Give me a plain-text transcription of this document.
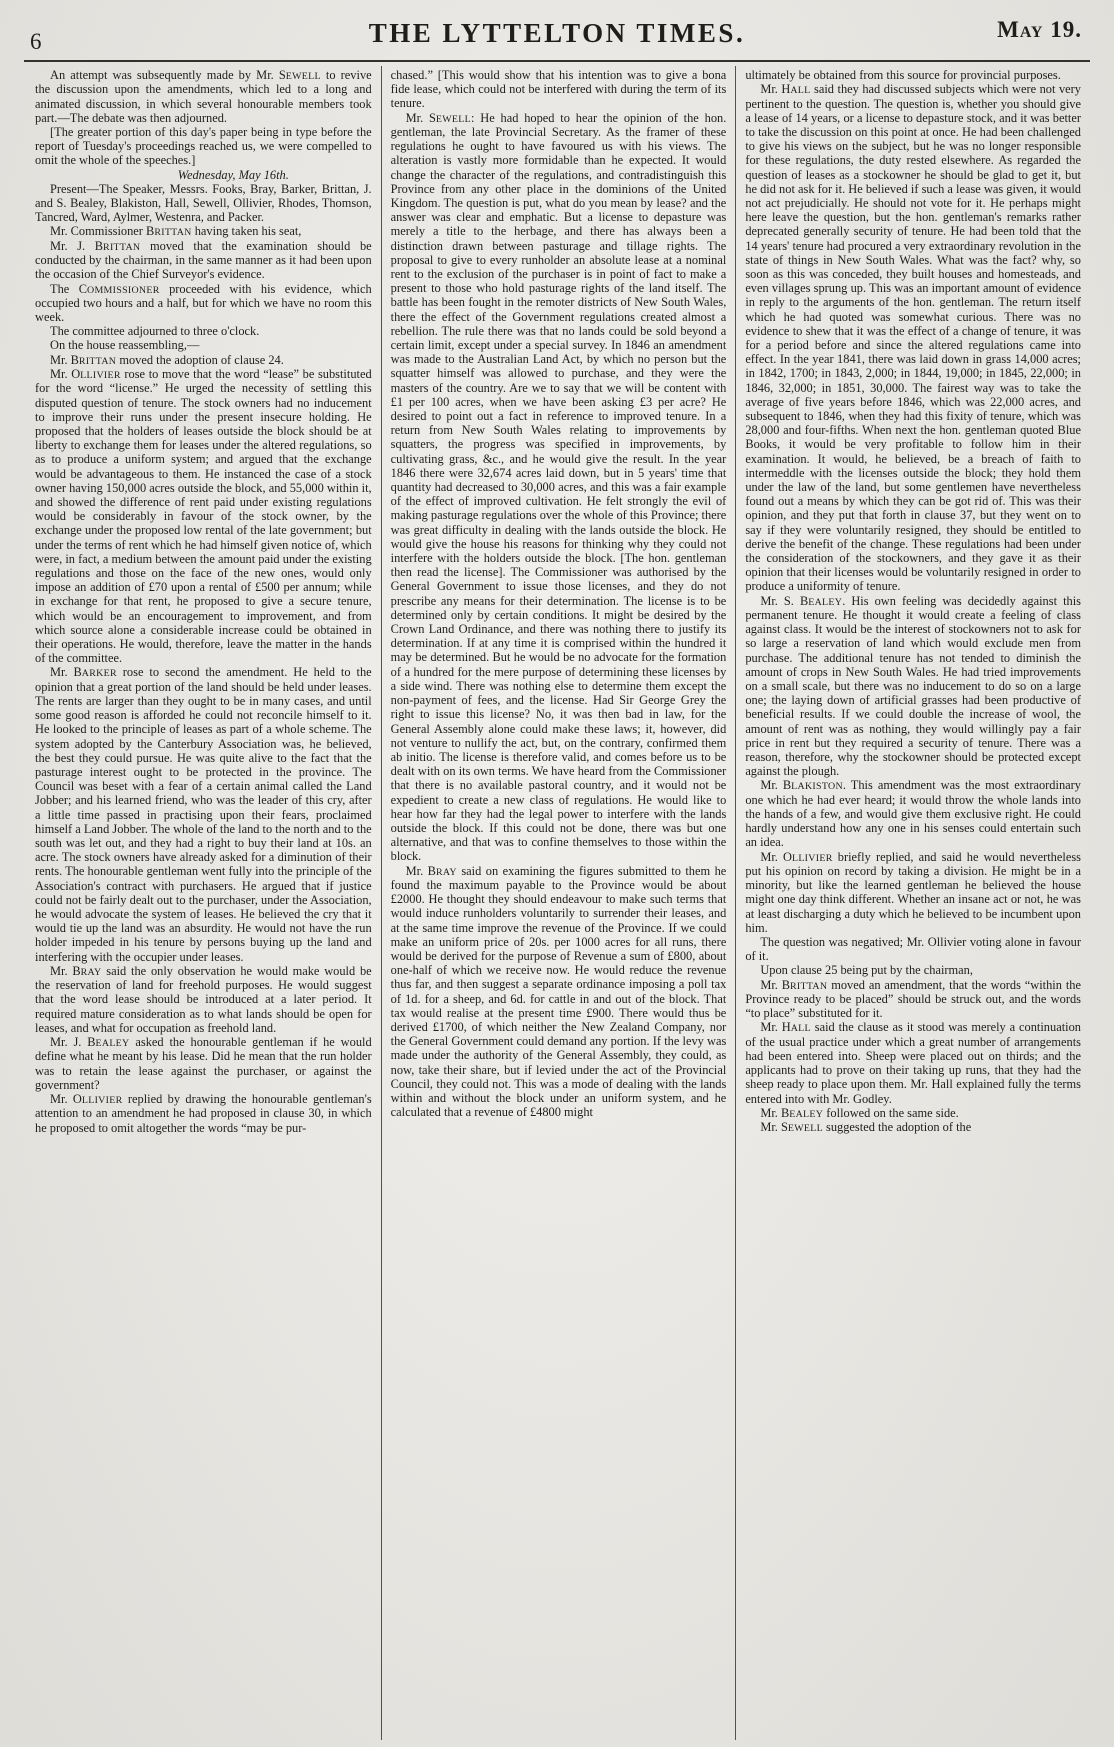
6	THE LYTTELTON TIMES.	May 19.

An attempt was subsequently made by Mr. SEWELL to revive the discussion upon the amendments, which led to a long and animated discussion, in which several honourable members took part.—The debate was then adjourned.

[The greater portion of this day's paper being in type before the report of Tuesday's proceedings reached us, we were compelled to omit the whole of the speeches.]

Wednesday, May 16th.

Present—The Speaker, Messrs. Fooks, Bray, Barker, Brittan, J. and S. Bealey, Blakiston, Hall, Sewell, Ollivier, Rhodes, Thomson, Tancred, Ward, Aylmer, Westenra, and Packer.

Mr. Commissioner BRITTAN having taken his seat,

Mr. J. BRITTAN moved that the examination should be conducted by the chairman, in the same manner as it had been upon the occasion of the Chief Surveyor's evidence.

The COMMISSIONER proceeded with his evidence, which occupied two hours and a half, but for which we have no room this week.

The committee adjourned to three o'clock.

On the house reassembling,—

Mr. BRITTAN moved the adoption of clause 24.

Mr. OLLIVIER rose to move that the word “lease” be substituted for the word “license.” He urged the necessity of settling this disputed question of tenure. The stock owners had no inducement to improve their runs under the present insecure holding. He proposed that the holders of leases outside the block should be at liberty to exchange them for leases under the altered regulations, so as to produce a uniform system; and argued that the exchange would be advantageous to them. He instanced the case of a stock owner having 150,000 acres outside the block, and 55,000 within it, and showed the difference of rent paid under existing regulations would be considerably in favour of the stock owner, by the exchange under the proposed low rental of the late government; but under the terms of rent which he had himself given notice of, which were, in fact, a medium between the amount paid under the existing regulations and those on the face of the new ones, would only impose an addition of £70 upon a rental of £500 per annum; while in exchange for that rent, he proposed to give a secure tenure, which would be an encouragement to improvement, and from which source alone a considerable increase could be obtained in their operations. He would, therefore, leave the matter in the hands of the committee.

Mr. BARKER rose to second the amendment. He held to the opinion that a great portion of the land should be held under leases. The rents are larger than they ought to be in many cases, and until some good reason is afforded he could not reconcile himself to it. He looked to the principle of leases as part of a whole scheme. The system adopted by the Canterbury Association was, he believed, the best they could pursue. He was quite alive to the fact that the pasturage interest ought to be protected in the province. The Council was beset with a fear of a certain animal called the Land Jobber; and his learned friend, who was the leader of this cry, after a little time passed in practising upon their fears, proclaimed himself a Land Jobber. The whole of the land to the north and to the south was let out, and they had a right to buy their land at 10s. an acre. The stock owners have already asked for a diminution of their rents. The honourable gentleman went fully into the principle of the Association's contract with purchasers. He argued that if justice could not be fairly dealt out to the purchaser, under the Association, he would advocate the system of leases. He believed the cry that it would tie up the land was an absurdity. He would not have the run holder impeded in his tenure by persons buying up the land and interfering with the occupier under leases.

Mr. BRAY said the only observation he would make would be the reservation of land for freehold purposes. He would suggest that the word lease should be introduced at a later period. It required mature consideration as to what lands should be open for leases, and what for occupation as freehold land.

Mr. J. BEALEY asked the honourable gentleman if he would define what he meant by his lease. Did he mean that the run holder was to retain the lease against the purchaser, or against the government?

Mr. OLLIVIER replied by drawing the honourable gentleman's attention to an amendment he had proposed in clause 30, in which he proposed to omit altogether the words “may be pur-

chased.” [This would show that his intention was to give a bona fide lease, which could not be interfered with during the term of its tenure.

Mr. SEWELL: He had hoped to hear the opinion of the hon. gentleman, the late Provincial Secretary. As the framer of these regulations he ought to have favoured us with his views. The alteration is vastly more formidable than he expected. It would change the character of the regulations, and contradistinguish this Province from any other place in the dominions of the United Kingdom. The question is put, what do you mean by lease? and the answer was clear and emphatic. But a license to depasture was merely a title to the herbage, and there has always been a distinction drawn between pasturage and tillage rights. The proposal to give to every runholder an absolute lease at a nominal rent to the exclusion of the purchaser is in point of fact to make a present to those who hold pasturage rights of the land itself. The battle has been fought in the remoter districts of New South Wales, there the effect of the Government regulations created almost a rebellion. The rule there was that no lands could be sold beyond a certain limit, except under a special survey. In 1846 an amendment was made to the Australian Land Act, by which no person but the squatter himself was allowed to purchase, and they were the masters of the country. Are we to say that we will be content with £1 per 100 acres, when we have been asking £3 per acre? He desired to point out a fact in reference to improved tenure. In a return from New South Wales relating to improvements by squatters, the progress was specified in improvements, by cultivating grass, &c., and he would give the result. In the year 1846 there were 32,674 acres laid down, but in 5 years' time that quantity had decreased to 30,000 acres, and this was a fair example of the effect of improved cultivation. He felt strongly the evil of making pasturage regulations over the whole of this Province; there was great difficulty in dealing with the lands outside the block. He would give the house his reasons for thinking why they could not interfere with the holders outside the block. [The hon. gentleman then read the license]. The Commissioner was authorised by the General Government to issue those licenses, and they do not prescribe any means for their determination. The license is to be determined only by certain conditions. It might be desired by the Crown Land Ordinance, and there was nothing there to justify its determination. If at any time it is comprised within the hundred it may be determined. But he would be no advocate for the formation of a hundred for the mere purpose of determining these licenses by a side wind. There was nothing else to determine them except the non-payment of fees, and the license. Had Sir George Grey the right to issue this license? No, it was then bad in law, for the General Assembly alone could make these laws; it, however, did not venture to nullify the act, but, on the contrary, confirmed them ab initio. The license is therefore valid, and comes before us to be dealt with on its own terms. We have heard from the Commissioner that there is no available pastoral country, and it would not be expedient to create a new class of regulations. He would like to hear how far they had the legal power to interfere with the lands outside the block. If this could not be done, there was but one alternative, and that was to confine themselves to those within the block.

Mr. BRAY said on examining the figures submitted to them he found the maximum payable to the Province would be about £2000. He thought they should endeavour to make such terms that would induce runholders voluntarily to surrender their leases, and at the same time improve the revenue of the Province. If we could make an uniform price of 20s. per 1000 acres for all runs, there would be derived for the purpose of Revenue a sum of £800, about one-half of which we receive now. He would reduce the revenue thus far, and then suggest a separate ordinance imposing a poll tax of 1d. for a sheep, and 6d. for cattle in and out of the block. That tax would realise at the present time £900. There would thus be derived £1700, of which neither the New Zealand Company, nor the General Government could demand any portion. If the levy was made under the authority of the General Assembly, they could, as now, take their share, but if levied under the act of the Provincial Council, they could not. This was a mode of dealing with the lands within and without the block under an uniform system, and he calculated that a revenue of £4800 might

ultimately be obtained from this source for provincial purposes.

Mr. HALL said they had discussed subjects which were not very pertinent to the question. The question is, whether you should give a lease of 14 years, or a license to depasture stock, and it was better to take the discussion on this point at once. He had been challenged to give his views on the subject, but he was no longer responsible for these regulations, the duty rested elsewhere. As regarded the question of leases as a stockowner he should be glad to get it, but he did not ask for it. He believed if such a lease was given, it would not act prejudicially. He should not vote for it. He perhaps might here leave the question, but the hon. gentleman's remarks rather deprecated generally security of tenure. He had been told that the 14 years' tenure had procured a very extraordinary revolution in the state of things in New South Wales. What was the fact? why, so soon as this was conceded, they built houses and homesteads, and even villages sprung up. This was an important amount of evidence in reply to the arguments of the hon. gentleman. The return itself which he had quoted was somewhat curious. There was no evidence to shew that it was the effect of a change of tenure, it was for a period before and since the altered regulations came into effect. In the year 1841, there was laid down in grass 14,000 acres; in 1842, 1700; in 1843, 2,000; in 1844, 19,000; in 1845, 22,000; in 1846, 32,000; in 1851, 30,000. The fairest way was to take the average of five years before 1846, which was 22,000 acres, and subsequent to 1846, when they had this fixity of tenure, which was 28,000 and four-fifths. When next the hon. gentleman quoted Blue Books, it would be very profitable to follow him in their examination. It would, he believed, be a breach of faith to intermeddle with the licenses outside the block; they hold them under the law of the land, but some gentlemen have nevertheless found out a means by which they can be got rid of. This was their opinion, and they put that forth in clause 37, but they went on to say if they were voluntarily resigned, they should be entitled to derive the benefit of the change. These regulations had been under the consideration of the stockowners, and they gave it as their opinion that their licenses would be voluntarily resigned in order to produce a uniformity of tenure.

Mr. S. BEALEY. His own feeling was decidedly against this permanent tenure. He thought it would create a feeling of class against class. It would be the interest of stockowners not to ask for so large a reservation of land which would exclude men from purchase. The additional tenure has not tended to diminish the amount of crops in New South Wales. He had tried improvements on a small scale, but there was no inducement to do so on a large one; the laying down of artificial grasses had been productive of beneficial results. If we could double the increase of wool, the amount of rent was as nothing, they would willingly pay a fair price in rent but they required a security of tenure. There was a reason, therefore, why the stockowner should be protected except against the plough.

Mr. BLAKISTON. This amendment was the most extraordinary one which he had ever heard; it would throw the whole lands into the hands of a few, and would give them exclusive right. He could hardly understand how any one in his senses could entertain such an idea.

Mr. OLLIVIER briefly replied, and said he would nevertheless put his opinion on record by taking a division. He might be in a minority, but like the learned gentleman he believed the house might one day think different. Whether an insane act or not, he was at least discharging a duty which he believed to be incumbent upon him.

The question was negatived; Mr. Ollivier voting alone in favour of it.

Upon clause 25 being put by the chairman,

Mr. BRITTAN moved an amendment, that the words “within the Province ready to be placed” should be struck out, and the words “to place” substituted for it.

Mr. HALL said the clause as it stood was merely a continuation of the usual practice under which a great number of arrangements had been entered into. Sheep were placed out on thirds; and the applicants had to prove on their taking up runs, that they had the sheep ready to place upon them. Mr. Hall explained fully the terms entered into with Mr. Godley.

Mr. BEALEY followed on the same side.

Mr. SEWELL suggested the adoption of the
